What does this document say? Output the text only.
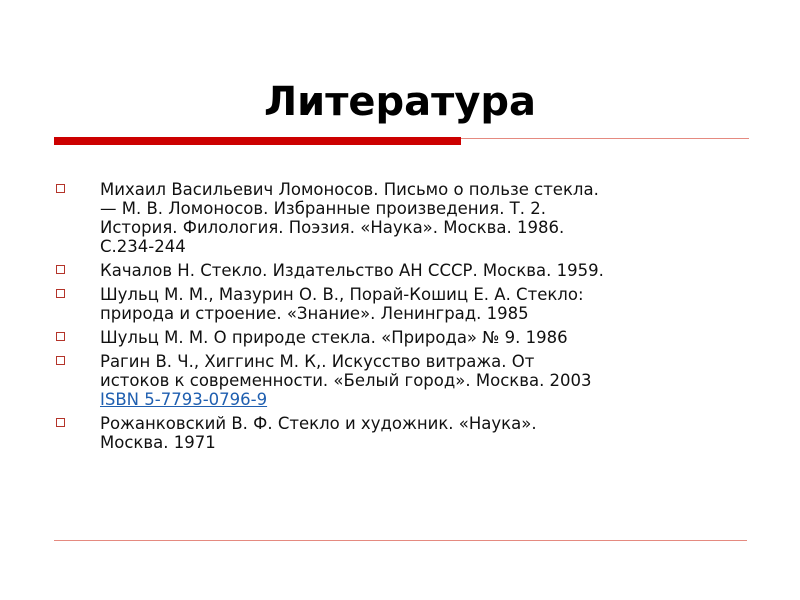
Литература
Михаил Васильевич Ломоносов. Письмо о пользе стекла.
— М. В. Ломоносов. Избранные произведения. Т. 2.
История. Филология. Поэзия. «Наука». Москва. 1986.
С.234-244
Качалов Н. Стекло. Издательство АН СССР. Москва. 1959.
Шульц М. М., Мазурин О. В., Порай-Кошиц Е. А. Стекло:
природа и строение. «Знание». Ленинград. 1985
Шульц М. М. О природе стекла. «Природа» № 9. 1986
Рагин В. Ч., Хиггинс М. К,. Искусство витража. От
истоков к современности. «Белый город». Москва. 2003
ISBN 5-7793-0796-9
Рожанковский В. Ф. Стекло и художник. «Наука».
Москва. 1971
